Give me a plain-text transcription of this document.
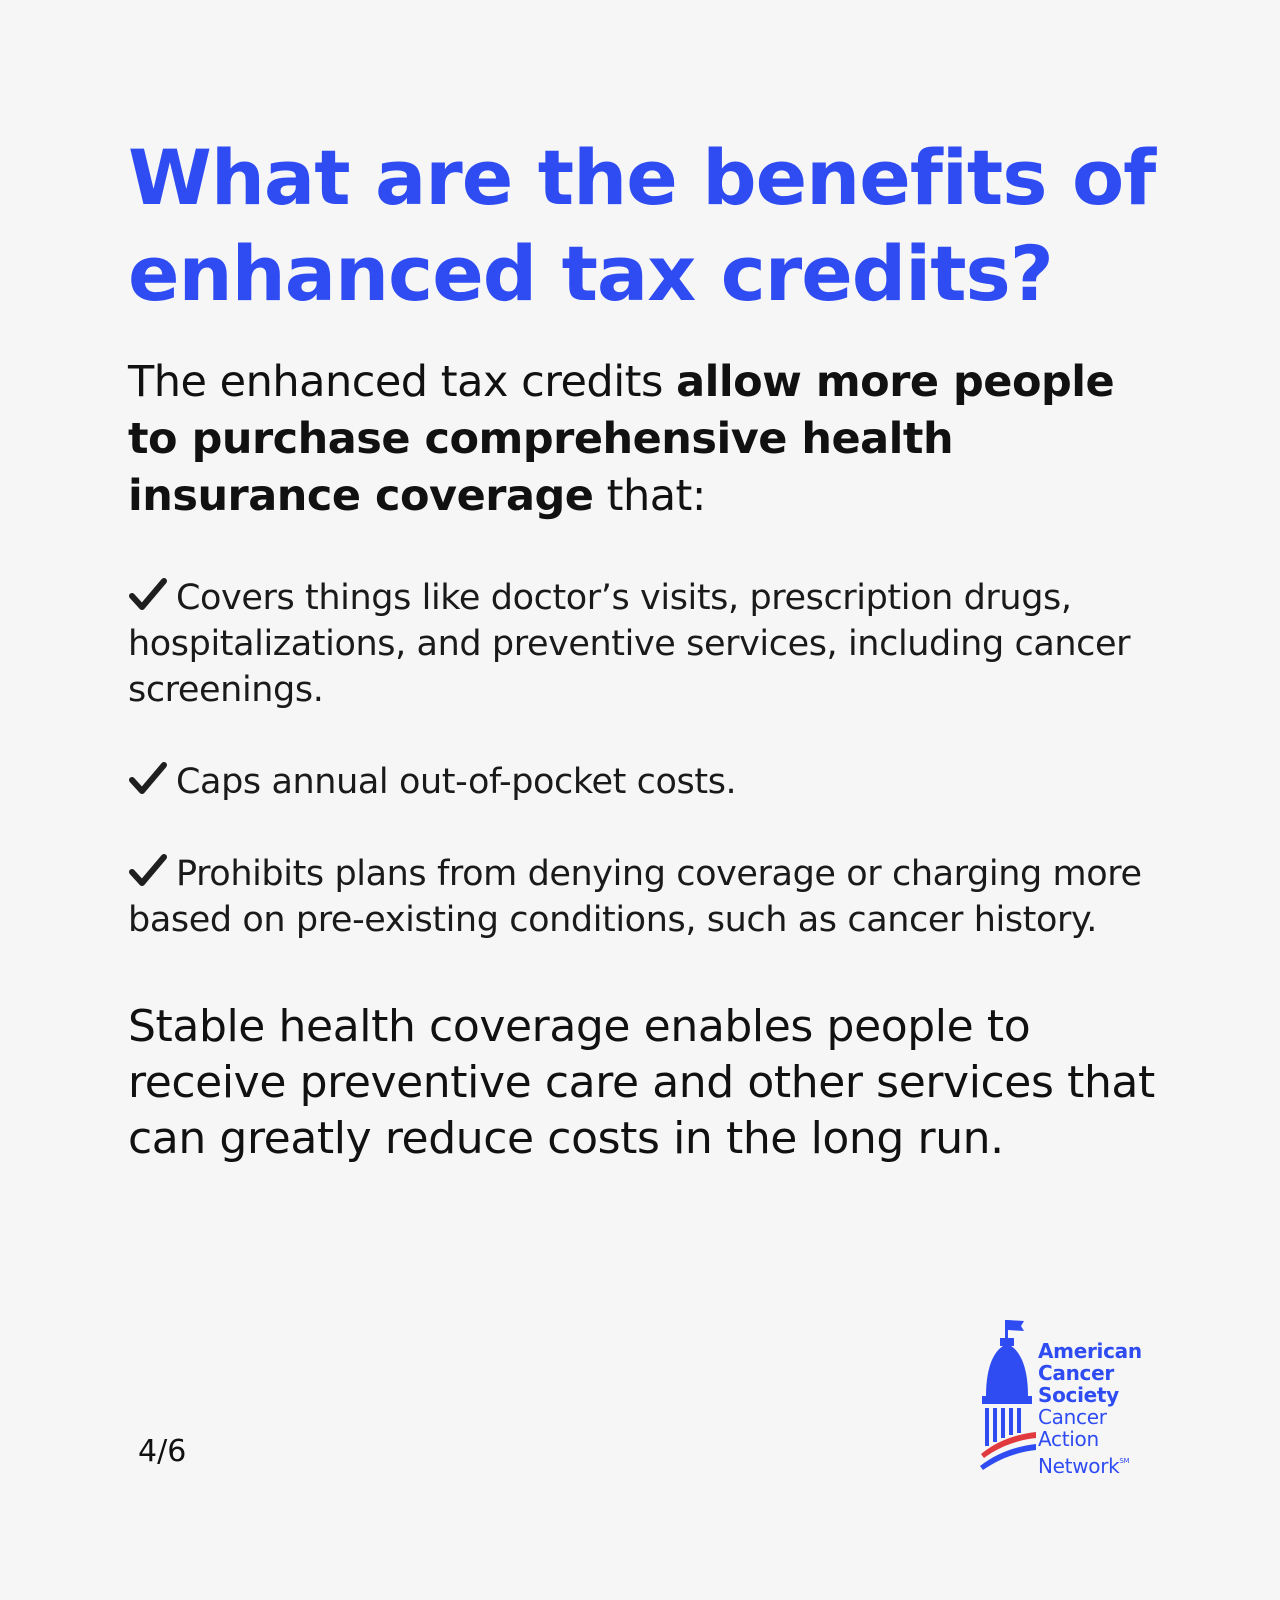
What are the benefits of enhanced tax credits?

The enhanced tax credits allow more people to purchase comprehensive health insurance coverage that:

Covers things like doctor’s visits, prescription drugs, hospitalizations, and preventive services, including cancer screenings.
Caps annual out-of-pocket costs.
Prohibits plans from denying coverage or charging more based on pre-existing conditions, such as cancer history.

Stable health coverage enables people to receive preventive care and other services that can greatly reduce costs in the long run.

4/6
American
Cancer
Society
Cancer
Action
Network℠
